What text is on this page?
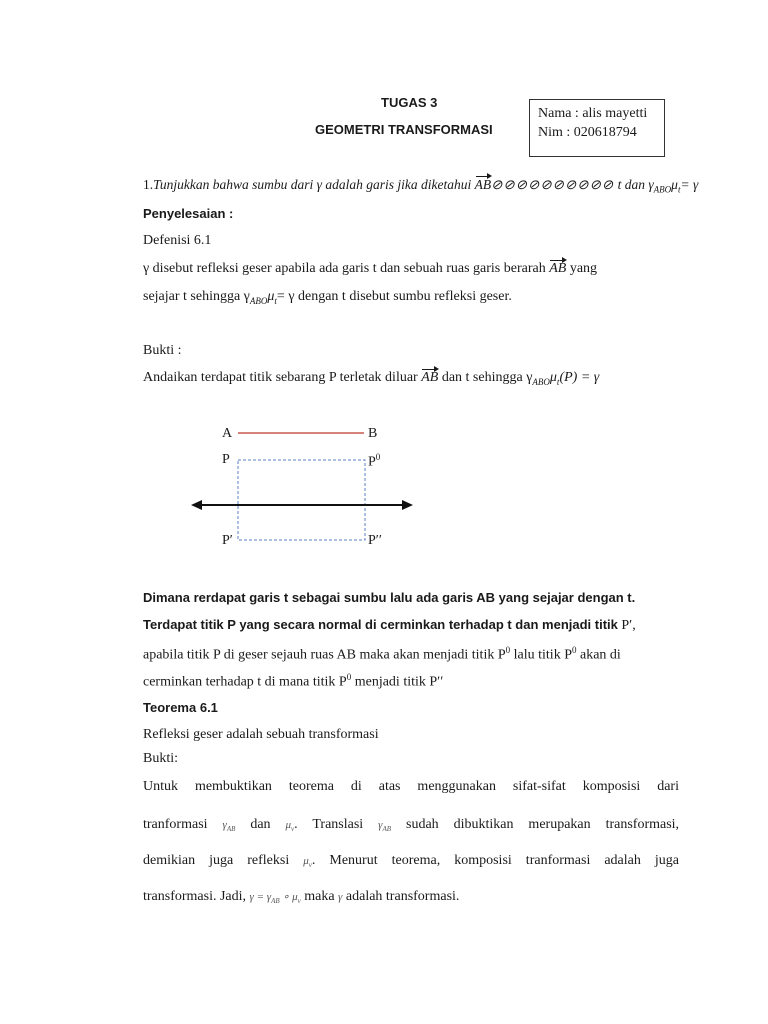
TUGAS 3
GEOMETRI TRANSFORMASI
Nama : alis mayetti
Nim : 020618794
1.Tunjukkan bahwa sumbu dari γ adalah garis jika diketahui AB⊘⊘⊘⊘⊘⊘⊘⊘⊘⊘ t dan $\gamma_{ABO}\mu_t= \gamma$
Penyelesaian :
Defenisi 6.1
γ disebut refleksi geser apabila ada garis t dan sebuah ruas garis berarah AB yang
sejajar t sehingga $\gamma_{ABO}\mu_t= \gamma$ dengan t disebut sumbu refleksi geser.
Bukti :
Andaikan terdapat titik sebarang P terletak diluar AB dan t sehingga $\gamma_{ABO}\mu_t(P) = \gamma$
A	B
P	$P^0$
P′	P′′
Dimana rerdapat garis t sebagai sumbu lalu ada garis AB yang sejajar dengan t.
Terdapat titik P yang secara normal di cerminkan terhadap t dan menjadi titik P′,
apabila titik P di geser sejauh ruas AB maka akan menjadi titik $P^0$ lalu titik $P^0$ akan di
cerminkan terhadap t di mana titik $P^0$ menjadi titik P′′
Teorema 6.1
Refleksi geser adalah sebuah transformasi
Bukti:
Untuk membuktikan teorema di atas menggunakan sifat-sifat komposisi dari
tranformasi $\gamma_{AB}$ dan $\mu_v$. Translasi $\gamma_{AB}$ sudah dibuktikan merupakan transformasi,
demikian juga refleksi $\mu_v$. Menurut teorema, komposisi tranformasi adalah juga
transformasi. Jadi, $\gamma = \gamma_{AB}$ ∘ $\mu_v$ maka γ adalah transformasi.
